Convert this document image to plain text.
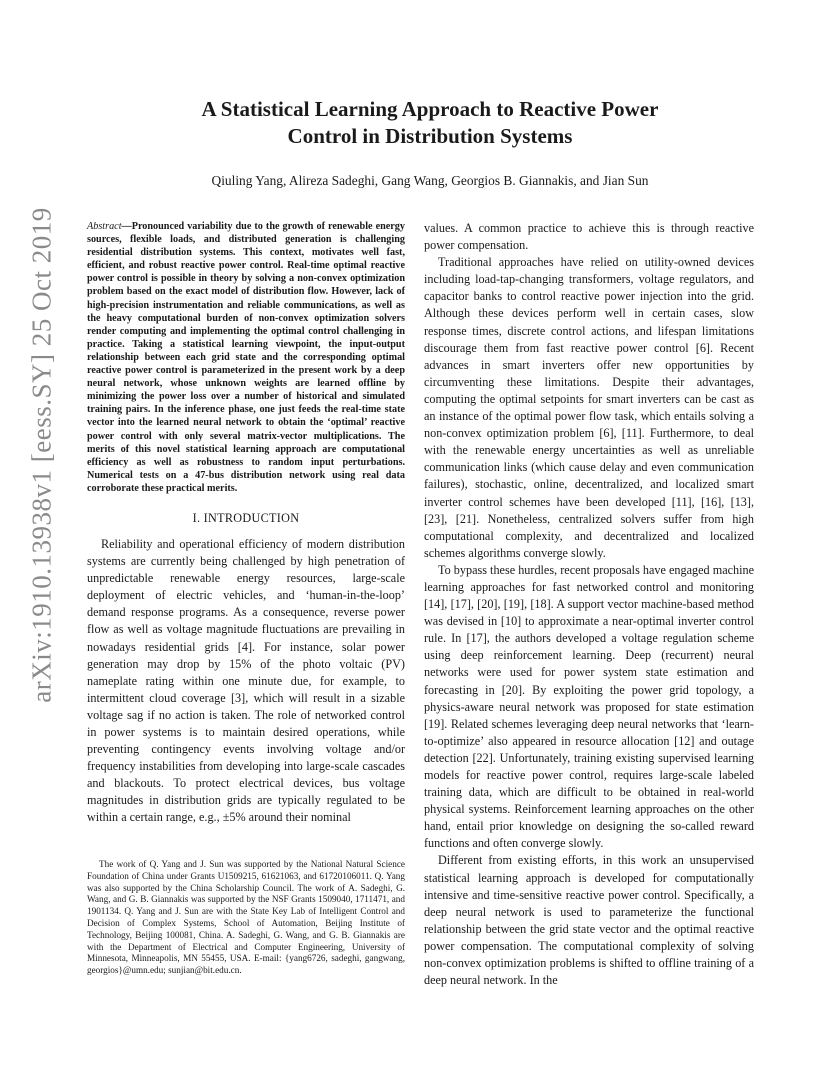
arXiv:1910.13938v1 [eess.SY] 25 Oct 2019
A Statistical Learning Approach to Reactive Power
Control in Distribution Systems
Qiuling Yang, Alireza Sadeghi, Gang Wang, Georgios B. Giannakis, and Jian Sun

Abstract—Pronounced variability due to the growth of renewable energy sources, flexible loads, and distributed generation is challenging residential distribution systems. This context, motivates well fast, efficient, and robust reactive power control. Real-time optimal reactive power control is possible in theory by solving a non-convex optimization problem based on the exact model of distribution flow. However, lack of high-precision instrumentation and reliable communications, as well as the heavy computational burden of non-convex optimization solvers render computing and implementing the optimal control challenging in practice. Taking a statistical learning viewpoint, the input-output relationship between each grid state and the corresponding optimal reactive power control is parameterized in the present work by a deep neural network, whose unknown weights are learned offline by minimizing the power loss over a number of historical and simulated training pairs. In the inference phase, one just feeds the real-time state vector into the learned neural network to obtain the ‘optimal’ reactive power control with only several matrix-vector multiplications. The merits of this novel statistical learning approach are computational efficiency as well as robustness to random input perturbations. Numerical tests on a 47-bus distribution network using real data corroborate these practical merits.

I. INTRODUCTION

Reliability and operational efficiency of modern distribution systems are currently being challenged by high penetration of unpredictable renewable energy resources, large-scale deployment of electric vehicles, and ‘human-in-the-loop’ demand response programs. As a consequence, reverse power flow as well as voltage magnitude fluctuations are prevailing in nowadays residential grids [4]. For instance, solar power generation may drop by 15% of the photo voltaic (PV) nameplate rating within one minute due, for example, to intermittent cloud coverage [3], which will result in a sizable voltage sag if no action is taken. The role of networked control in power systems is to maintain desired operations, while preventing contingency events involving voltage and/or frequency instabilities from developing into large-scale cascades and blackouts. To protect electrical devices, bus voltage magnitudes in distribution grids are typically regulated to be within a certain range, e.g., ±5% around their nominal

The work of Q. Yang and J. Sun was supported by the National Natural Science Foundation of China under Grants U1509215, 61621063, and 61720106011. Q. Yang was also supported by the China Scholarship Council. The work of A. Sadeghi, G. Wang, and G. B. Giannakis was supported by the NSF Grants 1509040, 1711471, and 1901134. Q. Yang and J. Sun are with the State Key Lab of Intelligent Control and Decision of Complex Systems, School of Automation, Beijing Institute of Technology, Beijing 100081, China. A. Sadeghi, G. Wang, and G. B. Giannakis are with the Department of Electrical and Computer Engineering, University of Minnesota, Minneapolis, MN 55455, USA. E-mail: {yang6726, sadeghi, gangwang, georgios}@umn.edu; sunjian@bit.edu.cn.

values. A common practice to achieve this is through reactive power compensation.

Traditional approaches have relied on utility-owned devices including load-tap-changing transformers, voltage regulators, and capacitor banks to control reactive power injection into the grid. Although these devices perform well in certain cases, slow response times, discrete control actions, and lifespan limitations discourage them from fast reactive power control [6]. Recent advances in smart inverters offer new opportunities by circumventing these limitations. Despite their advantages, computing the optimal setpoints for smart inverters can be cast as an instance of the optimal power flow task, which entails solving a non-convex optimization problem [6], [11]. Furthermore, to deal with the renewable energy uncertainties as well as unreliable communication links (which cause delay and even communication failures), stochastic, online, decentralized, and localized smart inverter control schemes have been developed [11], [16], [13], [23], [21]. Nonetheless, centralized solvers suffer from high computational complexity, and decentralized and localized schemes algorithms converge slowly.

To bypass these hurdles, recent proposals have engaged machine learning approaches for fast networked control and monitoring [14], [17], [20], [19], [18]. A support vector machine-based method was devised in [10] to approximate a near-optimal inverter control rule. In [17], the authors developed a voltage regulation scheme using deep reinforcement learning. Deep (recurrent) neural networks were used for power system state estimation and forecasting in [20]. By exploiting the power grid topology, a physics-aware neural network was proposed for state estimation [19]. Related schemes leveraging deep neural networks that ‘learn-to-optimize’ also appeared in resource allocation [12] and outage detection [22]. Unfortunately, training existing supervised learning models for reactive power control, requires large-scale labeled training data, which are difficult to be obtained in real-world physical systems. Reinforcement learning approaches on the other hand, entail prior knowledge on designing the so-called reward functions and often converge slowly.

Different from existing efforts, in this work an unsupervised statistical learning approach is developed for computationally intensive and time-sensitive reactive power control. Specifically, a deep neural network is used to parameterize the functional relationship between the grid state vector and the optimal reactive power compensation. The computational complexity of solving non-convex optimization problems is shifted to offline training of a deep neural network. In the
